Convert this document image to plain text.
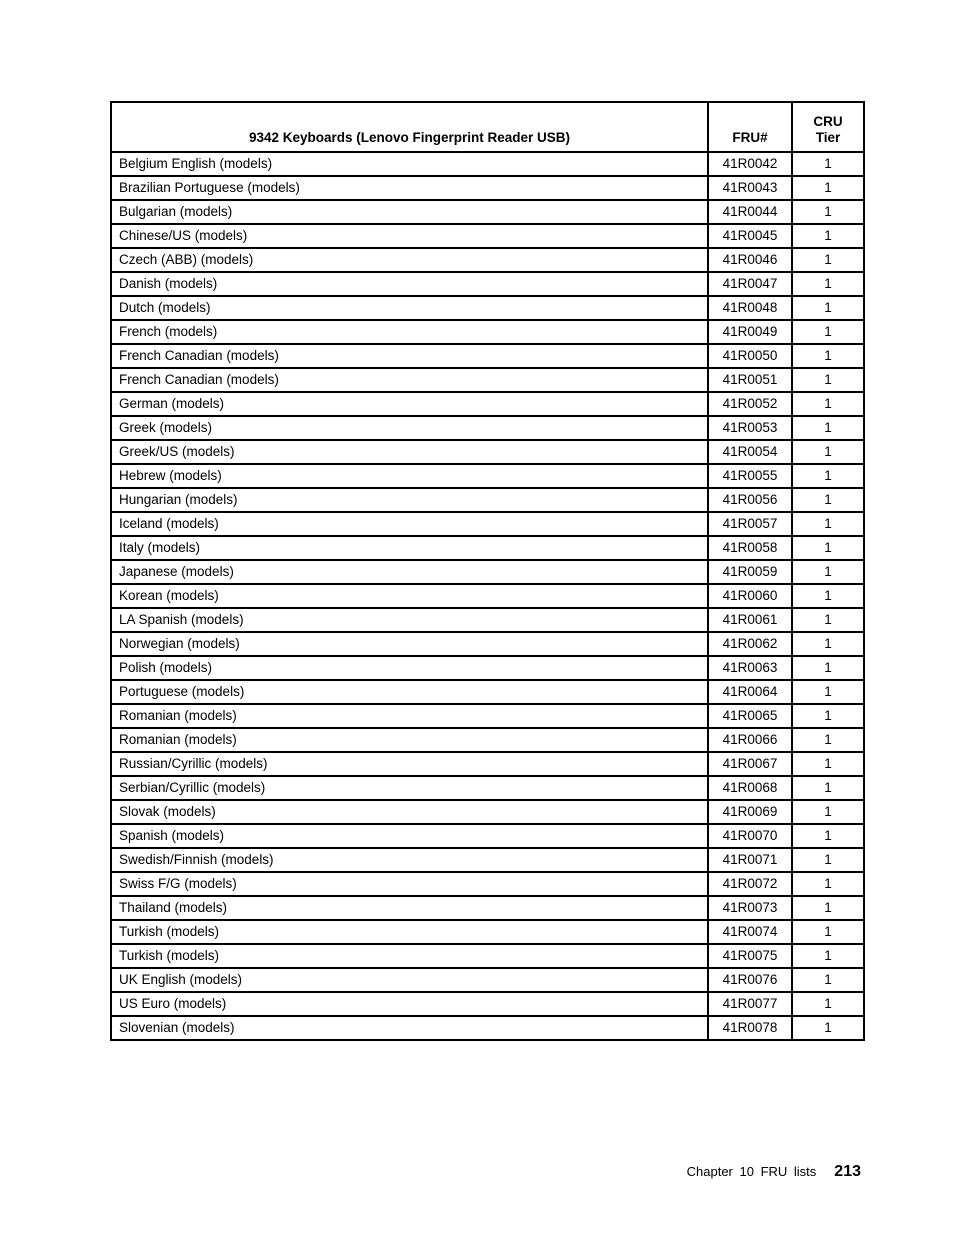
9342 Keyboards (Lenovo Fingerprint Reader USB)	FRU#	CRU
Tier
Belgium English (models)	41R0042	1
Brazilian Portuguese (models)	41R0043	1
Bulgarian (models)	41R0044	1
Chinese/US (models)	41R0045	1
Czech (ABB) (models)	41R0046	1
Danish (models)	41R0047	1
Dutch (models)	41R0048	1
French (models)	41R0049	1
French Canadian (models)	41R0050	1
French Canadian (models)	41R0051	1
German (models)	41R0052	1
Greek (models)	41R0053	1
Greek/US (models)	41R0054	1
Hebrew (models)	41R0055	1
Hungarian (models)	41R0056	1
Iceland (models)	41R0057	1
Italy (models)	41R0058	1
Japanese (models)	41R0059	1
Korean (models)	41R0060	1
LA Spanish (models)	41R0061	1
Norwegian (models)	41R0062	1
Polish (models)	41R0063	1
Portuguese (models)	41R0064	1
Romanian (models)	41R0065	1
Romanian (models)	41R0066	1
Russian/Cyrillic (models)	41R0067	1
Serbian/Cyrillic (models)	41R0068	1
Slovak (models)	41R0069	1
Spanish (models)	41R0070	1
Swedish/Finnish (models)	41R0071	1
Swiss F/G (models)	41R0072	1
Thailand (models)	41R0073	1
Turkish (models)	41R0074	1
Turkish (models)	41R0075	1
UK English (models)	41R0076	1
US Euro (models)	41R0077	1
Slovenian (models)	41R0078	1
Chapter 10 FRU lists 213
